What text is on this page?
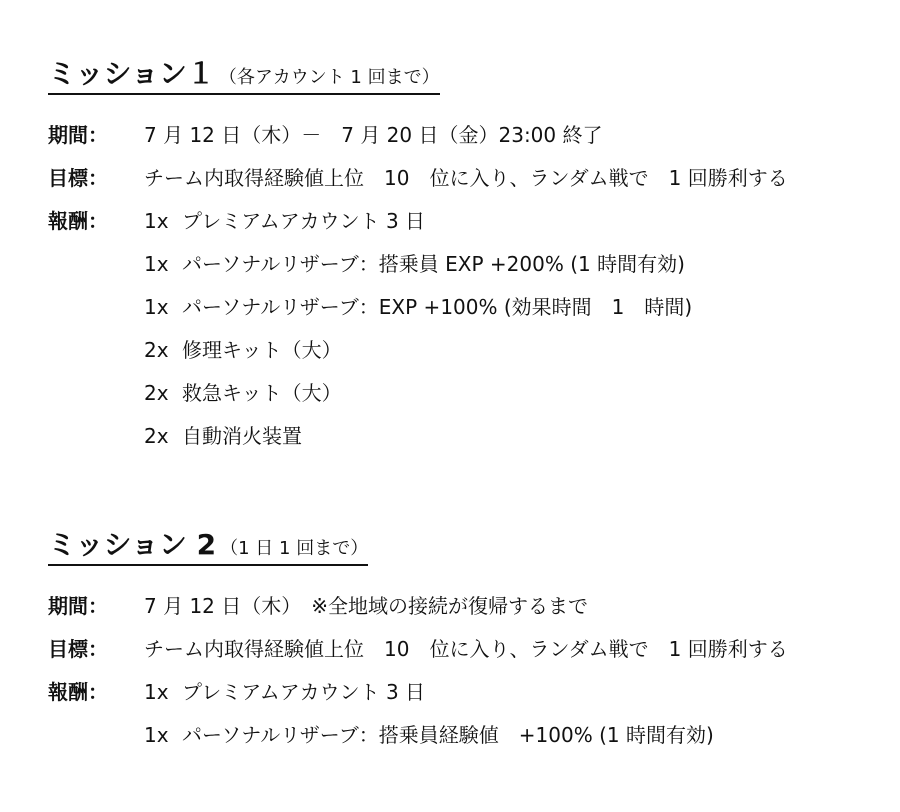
ミッション１ （各アカウント 1 回まで）
期間：	7 月 12 日（木）－　7 月 20 日（金）23:00 終了
目標：	チーム内取得経験値上位　10　位に入り、ランダム戦で　1 回勝利する
報酬：	1x プレミアムアカウント 3 日
1x パーソナルリザーブ：搭乗員 EXP +200% (1 時間有効)
1x パーソナルリザーブ：EXP +100% (効果時間　1　時間)
2x 修理キット（大）
2x 救急キット（大）
2x 自動消火装置
ミッション 2 （1 日 1 回まで）
期間：	7 月 12 日（木）　※全地域の接続が復帰するまで
目標：	チーム内取得経験値上位　10　位に入り、ランダム戦で　1 回勝利する
報酬：	1x プレミアムアカウント 3 日
1x パーソナルリザーブ：搭乗員経験値　+100% (1 時間有効)
